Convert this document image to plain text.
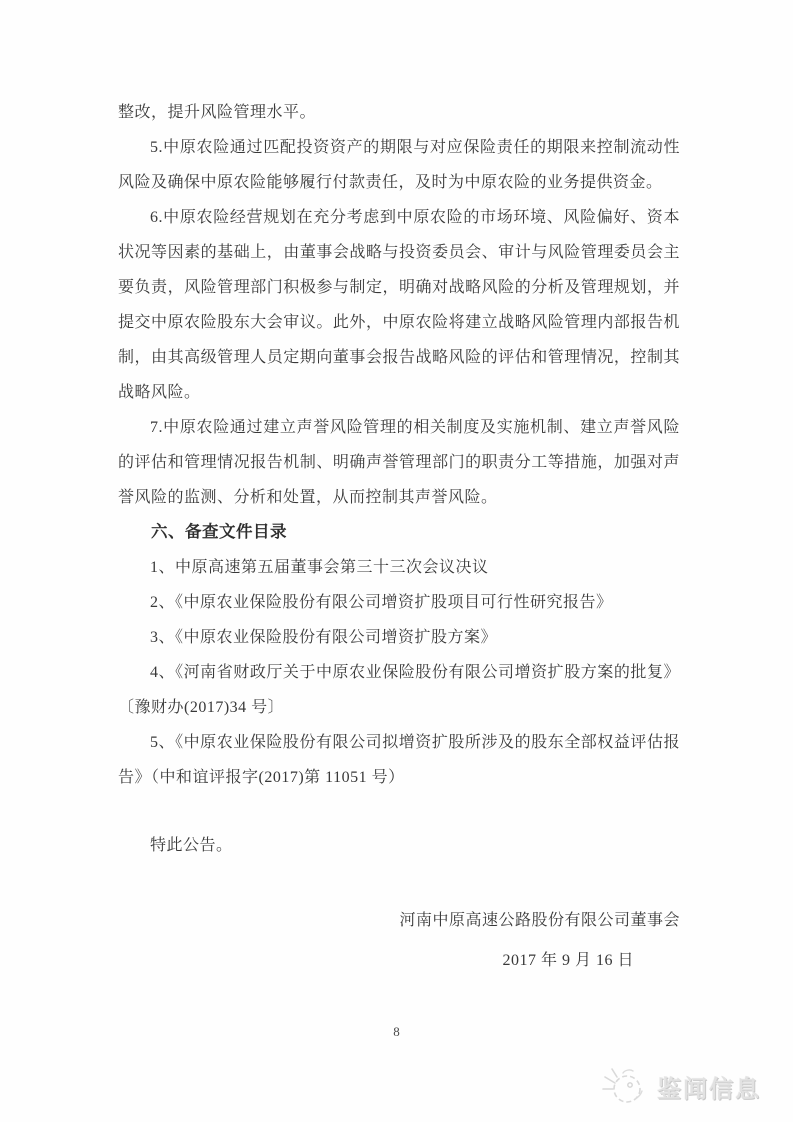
整改，提升风险管理水平。

5.中原农险通过匹配投资资产的期限与对应保险责任的期限来控制流动性风险及确保中原农险能够履行付款责任，及时为中原农险的业务提供资金。

6.中原农险经营规划在充分考虑到中原农险的市场环境、风险偏好、资本状况等因素的基础上，由董事会战略与投资委员会、审计与风险管理委员会主要负责，风险管理部门积极参与制定，明确对战略风险的分析及管理规划，并提交中原农险股东大会审议。此外，中原农险将建立战略风险管理内部报告机制，由其高级管理人员定期向董事会报告战略风险的评估和管理情况，控制其战略风险。

7.中原农险通过建立声誉风险管理的相关制度及实施机制、建立声誉风险的评估和管理情况报告机制、明确声誉管理部门的职责分工等措施，加强对声誉风险的监测、分析和处置，从而控制其声誉风险。

六、备查文件目录

1、中原高速第五届董事会第三十三次会议决议

2、《中原农业保险股份有限公司增资扩股项目可行性研究报告》

3、《中原农业保险股份有限公司增资扩股方案》

4、《河南省财政厅关于中原农业保险股份有限公司增资扩股方案的批复》〔豫财办(2017)34 号〕

5、《中原农业保险股份有限公司拟增资扩股所涉及的股东全部权益评估报告》（中和谊评报字(2017)第 11051 号）

特此公告。

河南中原高速公路股份有限公司董事会

2017 年 9 月 16 日

8
鉴闻信息
